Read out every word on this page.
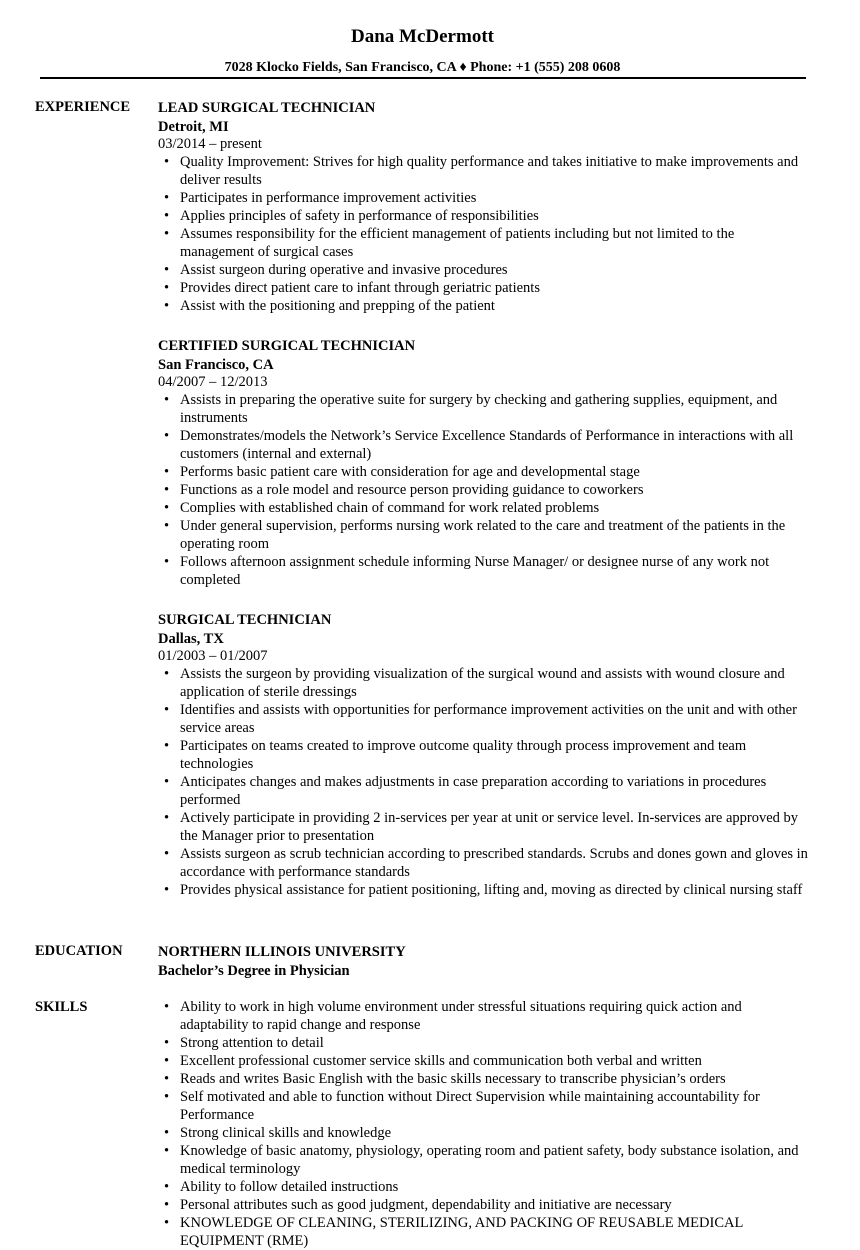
Dana McDermott
7028 Klocko Fields, San Francisco, CA ♦ Phone: +1 (555) 208 0608
EXPERIENCE LEAD SURGICAL TECHNICIAN
Detroit, MI
03/2014 – present
• Quality Improvement: Strives for high quality performance and takes initiative to make improvements and deliver results
• Participates in performance improvement activities
• Applies principles of safety in performance of responsibilities
• Assumes responsibility for the efficient management of patients including but not limited to the management of surgical cases
• Assist surgeon during operative and invasive procedures
• Provides direct patient care to infant through geriatric patients
• Assist with the positioning and prepping of the patient
CERTIFIED SURGICAL TECHNICIAN
San Francisco, CA
04/2007 – 12/2013
• Assists in preparing the operative suite for surgery by checking and gathering supplies, equipment, and instruments
• Demonstrates/models the Network’s Service Excellence Standards of Performance in interactions with all customers (internal and external)
• Performs basic patient care with consideration for age and developmental stage
• Functions as a role model and resource person providing guidance to coworkers
• Complies with established chain of command for work related problems
• Under general supervision, performs nursing work related to the care and treatment of the patients in the operating room
• Follows afternoon assignment schedule informing Nurse Manager/ or designee nurse of any work not completed
SURGICAL TECHNICIAN
Dallas, TX
01/2003 – 01/2007
• Assists the surgeon by providing visualization of the surgical wound and assists with wound closure and application of sterile dressings
• Identifies and assists with opportunities for performance improvement activities on the unit and with other service areas
• Participates on teams created to improve outcome quality through process improvement and team technologies
• Anticipates changes and makes adjustments in case preparation according to variations in procedures performed
• Actively participate in providing 2 in-services per year at unit or service level. In-services are approved by the Manager prior to presentation
• Assists surgeon as scrub technician according to prescribed standards. Scrubs and dones gown and gloves in accordance with performance standards
• Provides physical assistance for patient positioning, lifting and, moving as directed by clinical nursing staff
EDUCATION NORTHERN ILLINOIS UNIVERSITY
Bachelor’s Degree in Physician
SKILLS
•	Ability to work in high volume environment under stressful situations requiring quick action and adaptability to rapid change and response
• Strong attention to detail
• Excellent professional customer service skills and communication both verbal and written
• Reads and writes Basic English with the basic skills necessary to transcribe physician’s orders
• Self motivated and able to function without Direct Supervision while maintaining accountability for Performance
• Strong clinical skills and knowledge
• Knowledge of basic anatomy, physiology, operating room and patient safety, body substance isolation, and medical terminology
• Ability to follow detailed instructions
• Personal attributes such as good judgment, dependability and initiative are necessary
• KNOWLEDGE OF CLEANING, STERILIZING, AND PACKING OF REUSABLE MEDICAL EQUIPMENT (RME)
